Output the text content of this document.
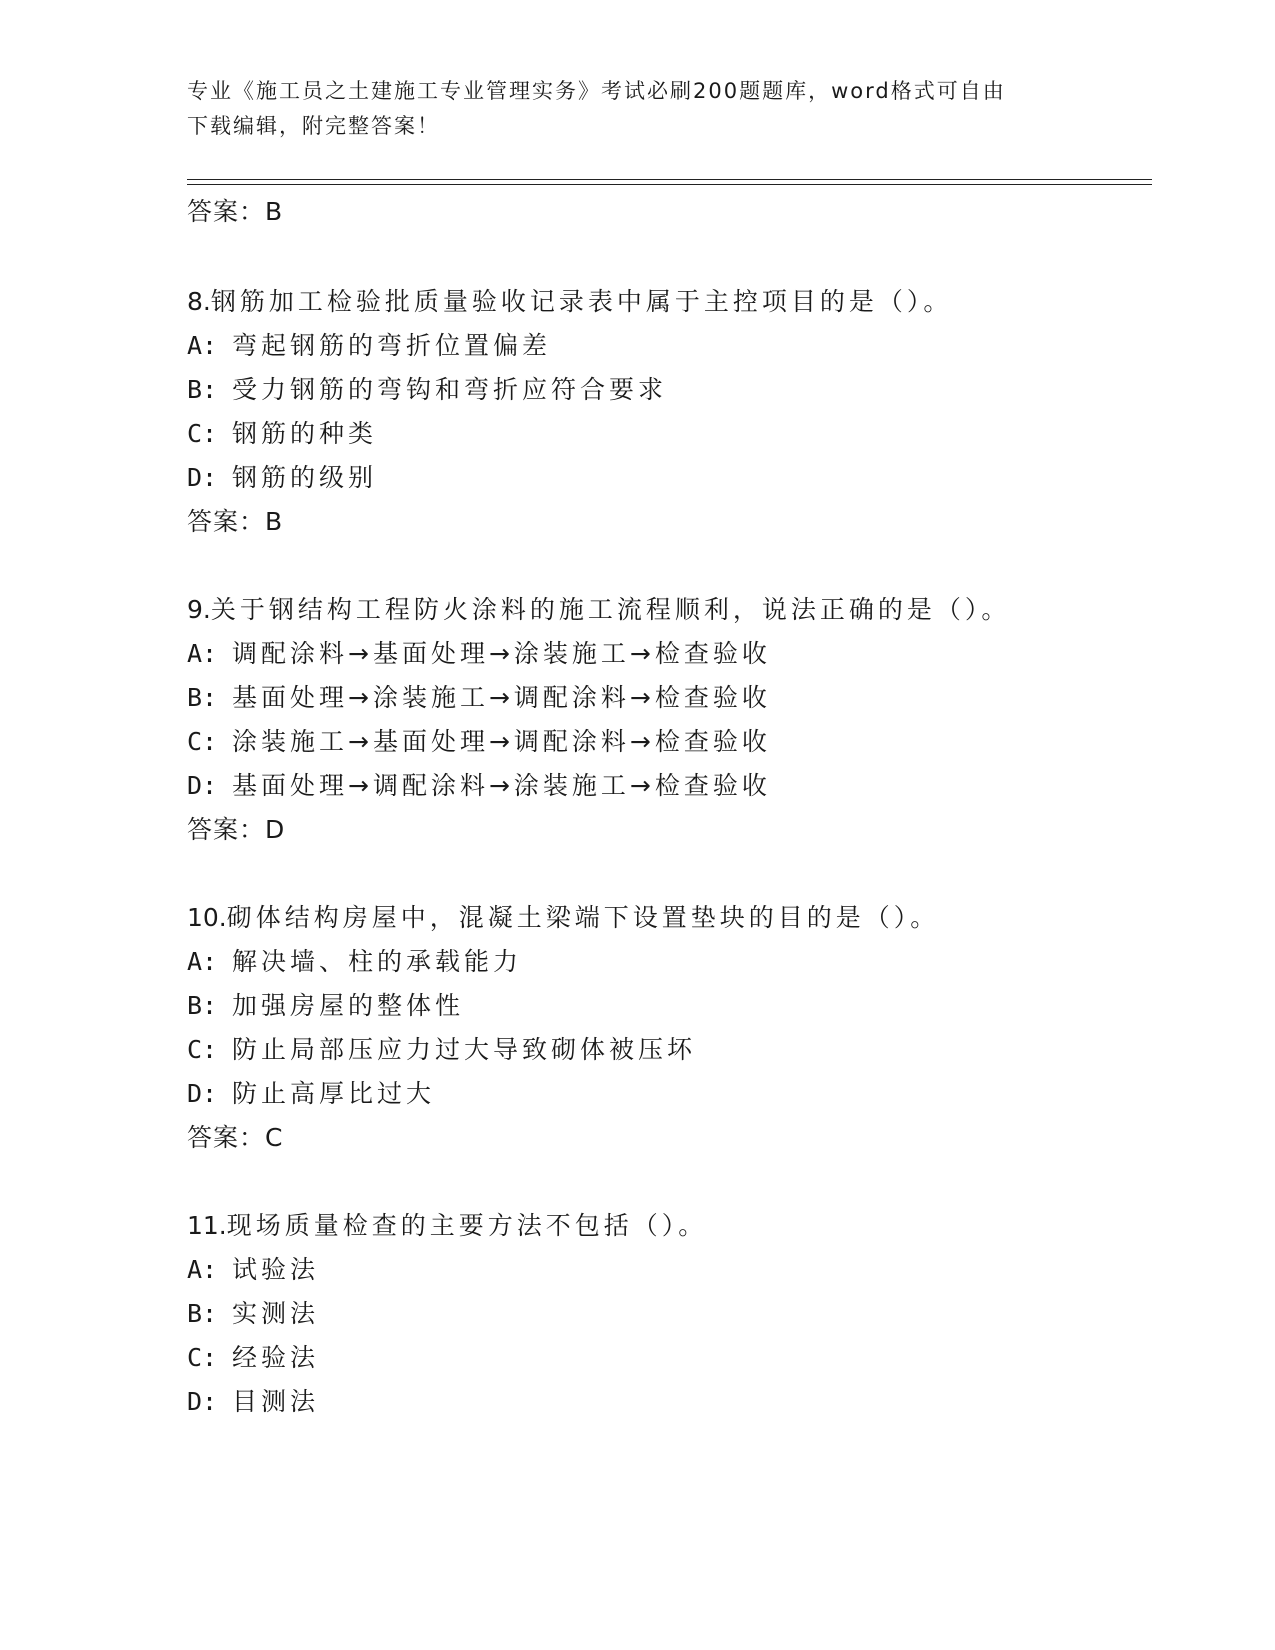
专业《施工员之土建施工专业管理实务》考试必刷200题题库，word格式可自由
下载编辑，附完整答案！
答案：B
8.钢筋加工检验批质量验收记录表中属于主控项目的是（）。
A: 弯起钢筋的弯折位置偏差
B: 受力钢筋的弯钩和弯折应符合要求
C: 钢筋的种类
D: 钢筋的级别
答案：B
9.关于钢结构工程防火涂料的施工流程顺利，说法正确的是（）。
A: 调配涂料→基面处理→涂装施工→检查验收
B: 基面处理→涂装施工→调配涂料→检查验收
C: 涂装施工→基面处理→调配涂料→检查验收
D: 基面处理→调配涂料→涂装施工→检查验收
答案：D
10.砌体结构房屋中，混凝土梁端下设置垫块的目的是（）。
A: 解决墙、柱的承载能力
B: 加强房屋的整体性
C: 防止局部压应力过大导致砌体被压坏
D: 防止高厚比过大
答案：C
11.现场质量检查的主要方法不包括（）。
A: 试验法
B: 实测法
C: 经验法
D: 目测法
